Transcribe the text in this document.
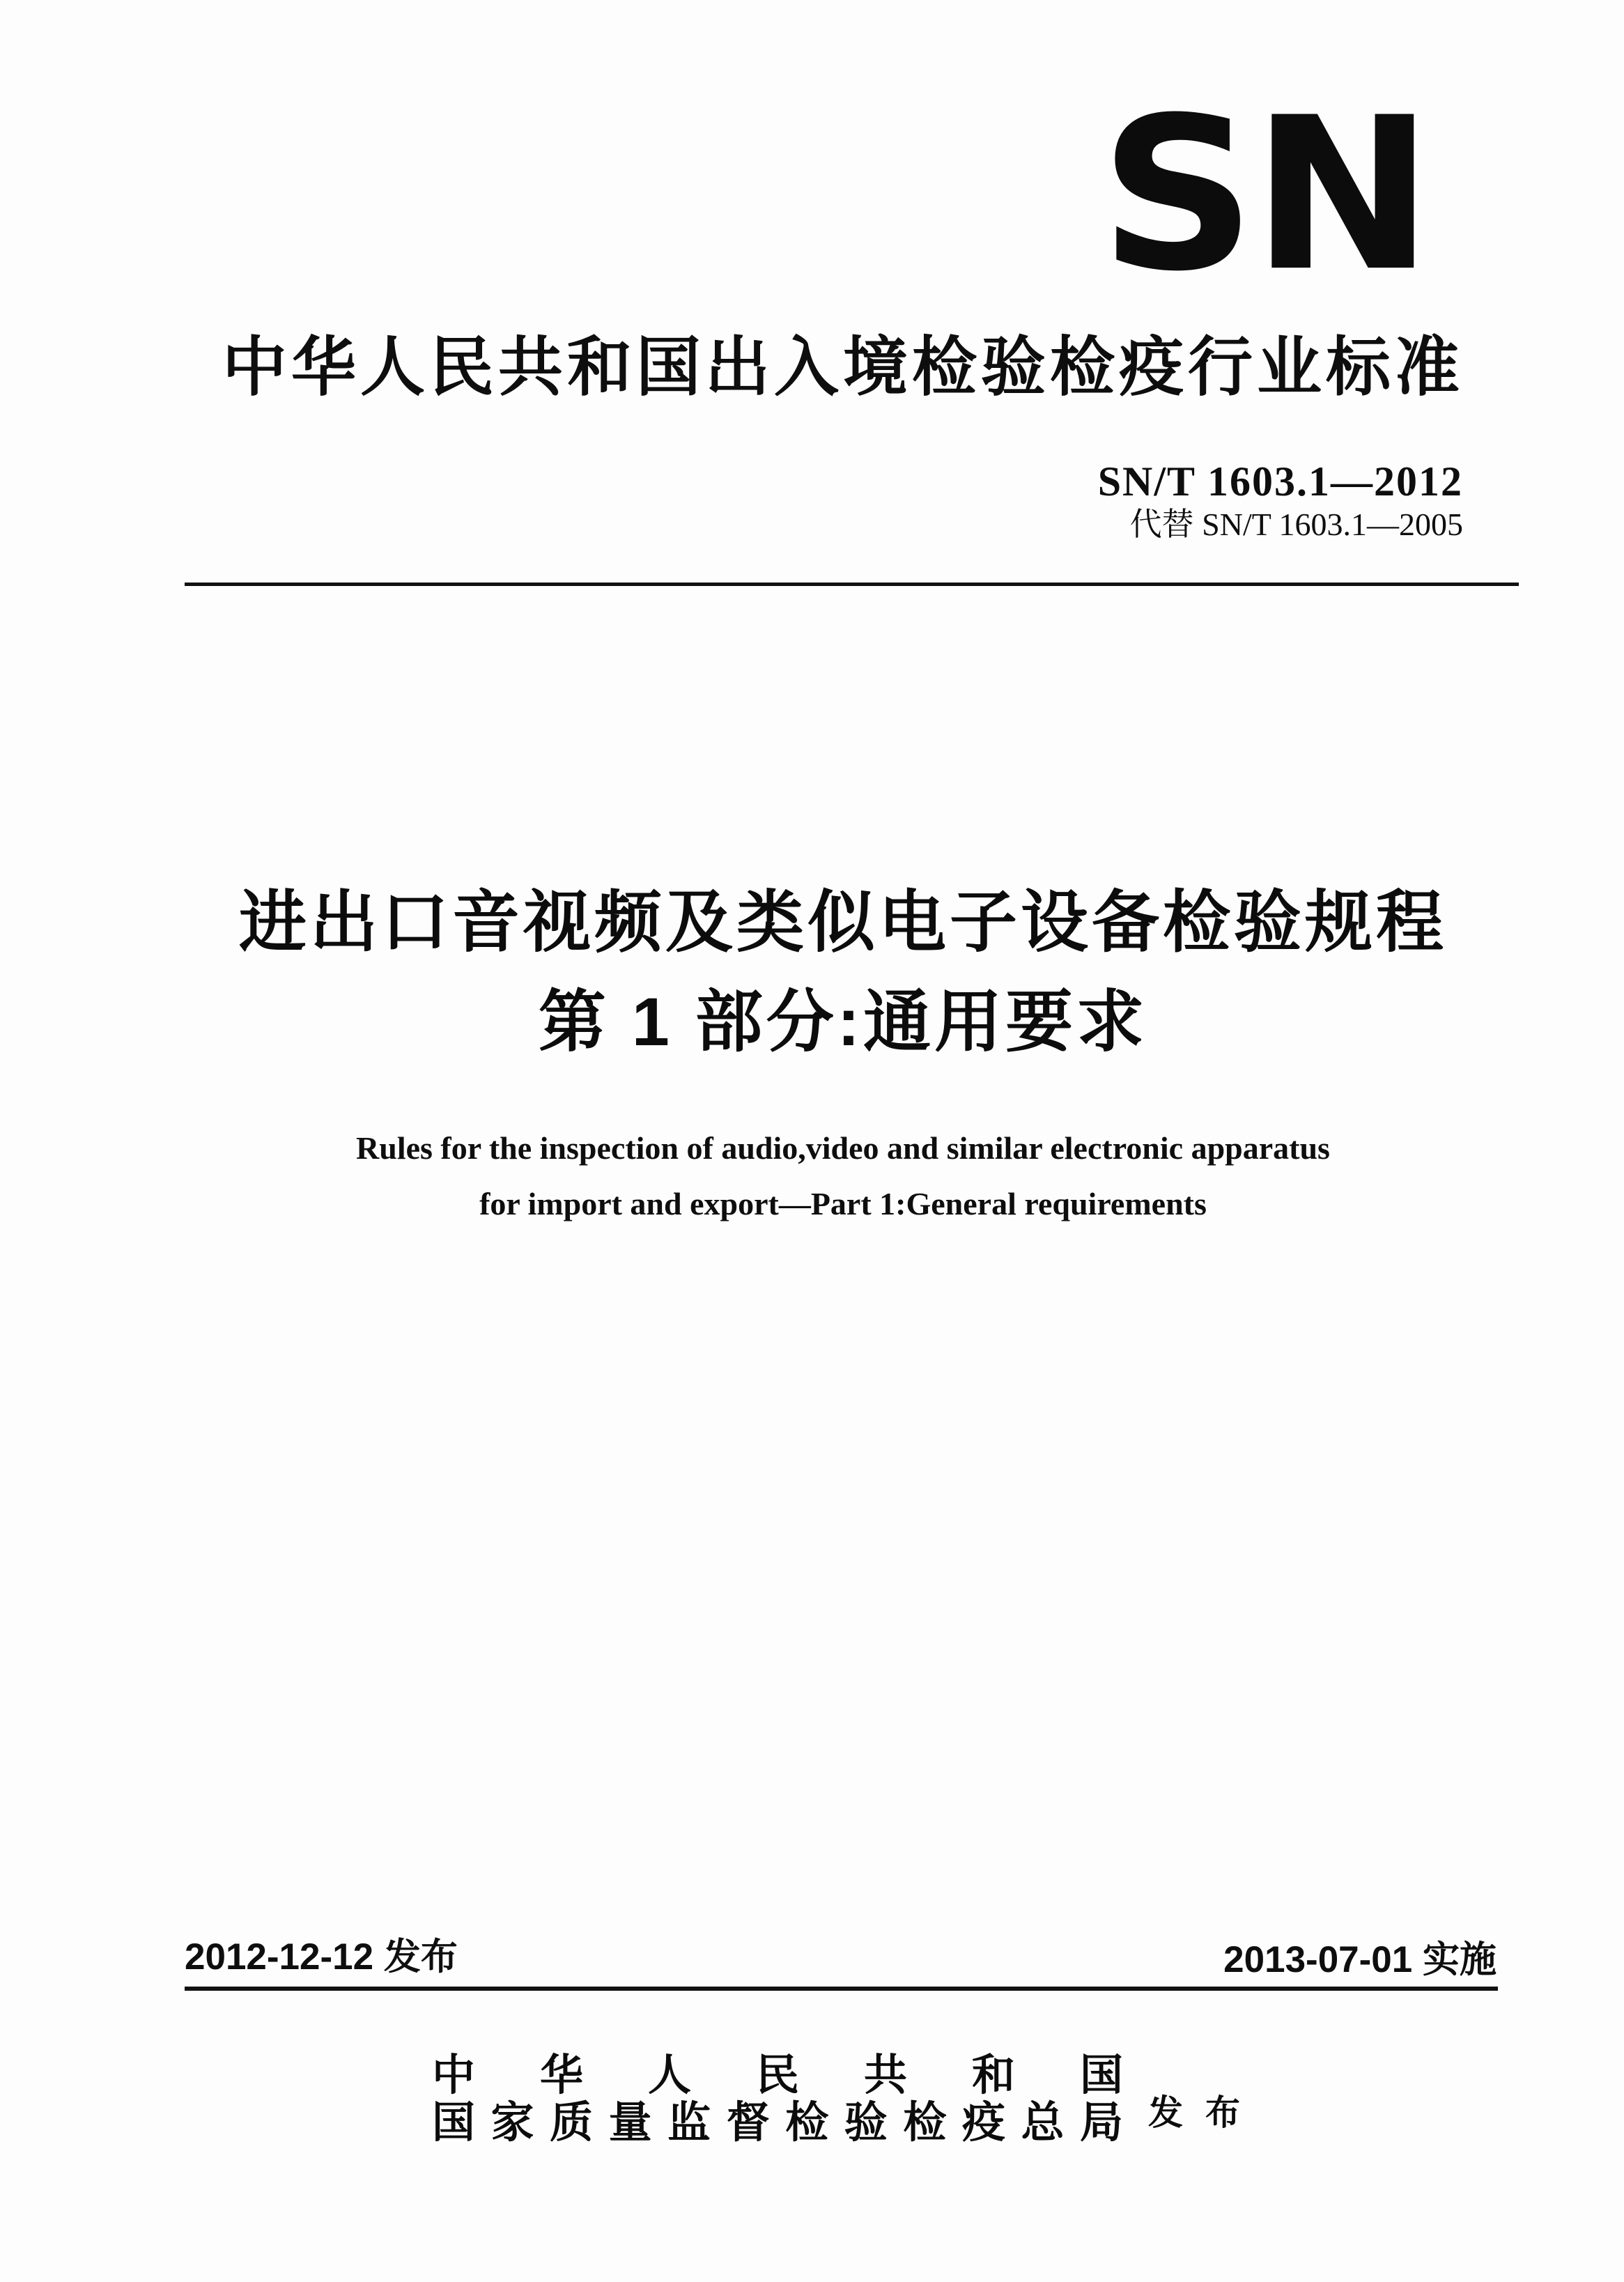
SN
中华人民共和国出入境检验检疫行业标准
SN/T 1603.1—2012
代替 SN/T 1603.1—2005
进出口音视频及类似电子设备检验规程
第 1 部分:通用要求
Rules for the inspection of audio,video and similar electronic apparatus
for import and export—Part 1:General requirements
2012-12-12 发布	2013-07-01 实施
中华人民共和国
国家质量监督检验检疫总局 发布
